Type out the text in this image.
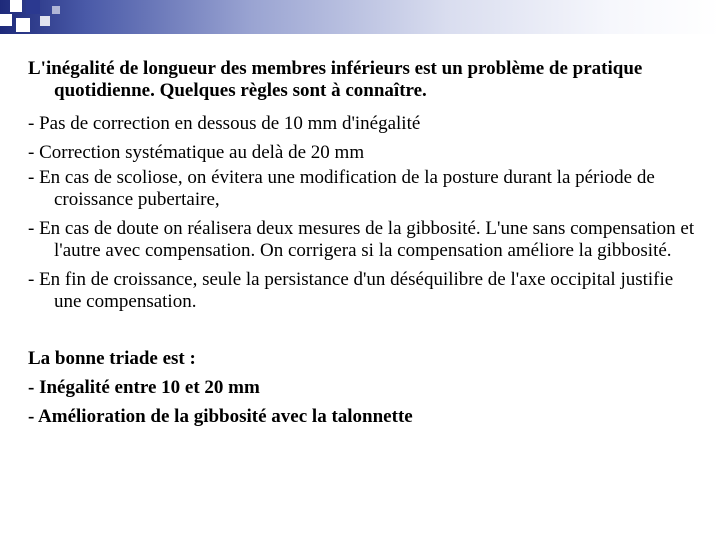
L'inégalité de longueur des membres inférieurs est un problème de pratique quotidienne. Quelques règles sont à connaître.

- Pas de correction en dessous de 10 mm d'inégalité

- Correction systématique au delà de 20 mm

- En cas de scoliose, on évitera une modification de la posture durant la période de croissance pubertaire,

- En cas de doute on réalisera deux mesures de la gibbosité. L'une sans compensation et l'autre avec compensation. On corrigera si la compensation améliore la gibbosité.

- En fin de croissance, seule la persistance d'un déséquilibre de l'axe occipital justifie une compensation.

La bonne triade est :

- Inégalité entre 10 et 20 mm

- Amélioration de la gibbosité avec la talonnette
